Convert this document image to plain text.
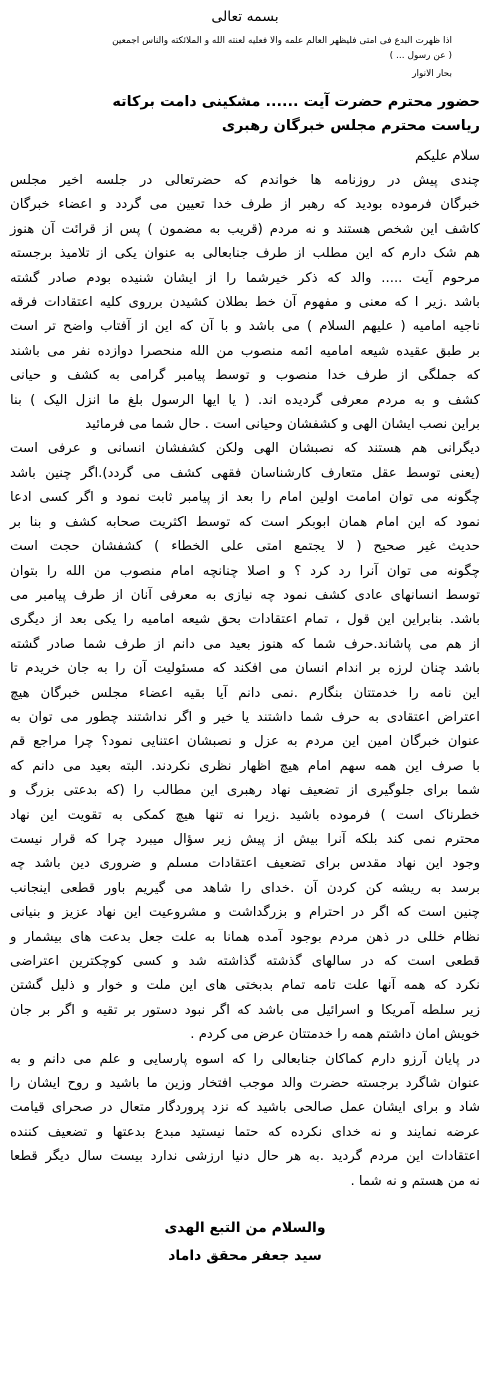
بسمه تعالی
اذا ظهرت البدع فی امتی فلیظهر العالم علمه والا فعلیه لعنته الله و الملائکته والناس اجمعین
( عن رسول ... )
بحار الانوار
حضور محترم حضرت آیت ...... مشکینی دامت برکاته
ریاست محترم مجلس خبرگان رهبری
سلام علیکم
چندی پیش در روزنامه ها خواندم که حضرتعالی در جلسه اخیر مجلس
خبرگان فرموده بودید که رهبر از طرف خدا تعیین می گردد و اعضاء خبرگان
کاشف این شخص هستند و نه مردم (قریب به مضمون ) پس از قرائت آن هنوز
هم شک دارم که این مطلب از طرف جنابعالی به عنوان یکی از تلامیذ برجسته
مرحوم آیت ..... والد که ذکر خیرشما را از ایشان شنیده بودم صادر گشته
باشد .زیر ا که معنی و مفهوم آن خط بطلان کشیدن برروی کلیه اعتقادات فرقه
ناجیه امامیه ( علیهم السلام ) می باشد و با آن که این از آفتاب واضح تر است
بر طبق عقیده شیعه امامیه ائمه منصوب من الله منحصرا دوازده نفر می باشند
که جملگی از طرف خدا منصوب و توسط پیامبر گرامی به کشف و حیانی
کشف و به مردم معرفی گردیده اند. ( یا ایها الرسول بلغ ما انزل الیک ) بنا
براین نصب ایشان الهی و کشفشان وحیانی است . حال شما می فرمائید
دیگرانی هم هستند که نصبشان الهی ولکن کشفشان انسانی و عرفی است
(یعنی توسط عقل متعارف کارشناسان فقهی کشف می گردد).اگر چنین باشد
چگونه می توان امامت اولین امام را بعد از پیامبر ثابت نمود و اگر کسی ادعا
نمود که این امام همان ابوبکر است که توسط اکثریت صحابه کشف و بنا بر
حدیث غیر صحیح ( لا یجتمع امتی علی الخطاء ) کشفشان حجت است
چگونه می توان آنرا رد کرد ؟ و اصلا چنانچه امام منصوب من الله را بتوان
توسط انسانهای عادی کشف نمود چه نیازی به معرفی آنان از طرف پیامبر می
باشد. بنابراین این قول ، تمام اعتقادات بحق شیعه امامیه را یکی بعد از دیگری
از هم می پاشاند.حرف شما که هنوز بعید می دانم از طرف شما صادر گشته
باشد چنان لرزه بر اندام انسان می افکند که مسئولیت آن را به جان خریدم تا
این نامه را خدمتتان بنگارم .نمی دانم آیا بقیه اعضاء مجلس خبرگان هیچ
اعتراض اعتقادی به حرف شما داشتند یا خیر و اگر نداشتند چطور می توان به
عنوان خبرگان امین این مردم به عزل و نصبشان اعتنایی نمود؟ چرا مراجع قم
با صرف این همه سهم امام هیچ اظهار نظری نکردند. البته بعید می دانم که
شما برای جلوگیری از تضعیف نهاد رهبری این مطالب را (که بدعتی بزرگ و
خطرناک است ) فرموده باشید .زیرا نه تنها هیچ کمکی به تقویت این نهاد
محترم نمی کند بلکه آنرا بیش از پیش زیر سؤال میبرد چرا که قرار نیست
وجود این نهاد مقدس برای تضعیف اعتقادات مسلم و ضروری دین باشد چه
برسد به ریشه کن کردن آن .خدای را شاهد می گیریم باور قطعی اینجانب
چنین است که اگر در احترام و بزرگداشت و مشروعیت این نهاد عزیز و بنیانی
نظام خللی در ذهن مردم بوجود آمده همانا به علت جعل بدعت های بیشمار و
قطعی است که در سالهای گذشته گذاشته شد و کسی کوچکترین اعتراضی
نکرد که همه آنها علت تامه تمام بدبختی های این ملت و خوار و ذلیل گشتن
زیر سلطه آمریکا و اسرائیل می باشد که اگر نبود دستور بر تقیه و اگر بر جان
خویش امان داشتم همه را خدمتتان عرض می کردم .
در پایان آرزو دارم کماکان جنابعالی را که اسوه پارسایی و علم می دانم و به
عنوان شاگرد برجسته حضرت والد موجب افتخار وزین ما باشید و روح ایشان را
شاد و برای ایشان عمل صالحی باشید که نزد پروردگار متعال در صحرای قیامت
عرضه نمایند و نه خدای نکرده که حتما نیستید مبدع بدعتها و تضعیف کننده
اعتقادات این مردم گردید .به هر حال دنیا ارزشی ندارد بیست سال دیگر قطعا
نه من هستم و نه شما .
والسلام من التبع الهدی
سید جعفر محقق داماد
